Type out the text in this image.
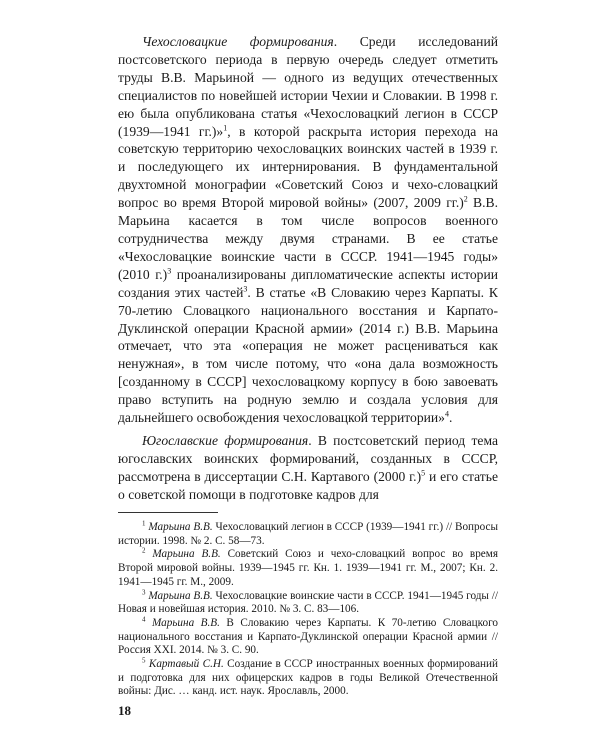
Чехословацкие формирования. Среди исследований постсоветского периода в первую очередь следует отметить труды В.В. Марьиной — одного из ведущих отечественных специалистов по новейшей истории Чехии и Словакии. В 1998 г. ею была опубликована статья «Чехословацкий легион в СССР (1939—1941 гг.)»$^1$, в которой раскрыта история перехода на советскую территорию чехословацких воинских частей в 1939 г. и последующего их интернирования. В фундаментальной двухтомной монографии «Советский Союз и чехо-словацкий вопрос во время Второй мировой войны» (2007, 2009 гг.)$^2$ В.В. Марьина касается в том числе вопросов военного сотрудничества между двумя странами. В ее статье «Чехословацкие воинские части в СССР. 1941—1945 годы» (2010 г.)$^3$ проанализированы дипломатические аспекты истории создания этих частей$^3$. В статье «В Словакию через Карпаты. К 70-летию Словацкого национального восстания и Карпато-Дуклинской операции Красной армии» (2014 г.) В.В. Марьина отмечает, что эта «операция не может расцениваться как ненужная», в том числе потому, что «она дала возможность [созданному в СССР] чехословацкому корпусу в бою завоевать право вступить на родную землю и создала условия для дальнейшего освобождения чехословацкой территории»$^4$.

Югославские формирования. В постсоветский период тема югославских воинских формирований, созданных в СССР, рассмотрена в диссертации С.Н. Картавого (2000 г.)$^5$ и его статье о советской помощи в подготовке кадров для

$^1$ Марьина В.В. Чехословацкий легион в СССР (1939—1941 гг.) // Вопросы истории. 1998. № 2. С. 58—73.

$^2$ Марьина В.В. Советский Союз и чехо-словацкий вопрос во время Второй мировой войны. 1939—1945 гг. Кн. 1. 1939—1941 гг. М., 2007; Кн. 2. 1941—1945 гг. М., 2009.

$^3$ Марьина В.В. Чехословацкие воинские части в СССР. 1941—1945 годы // Новая и новейшая история. 2010. № 3. С. 83—106.

$^4$ Марьина В.В. В Словакию через Карпаты. К 70-летию Словацкого национального восстания и Карпато-Дуклинской операции Красной армии // Россия XXI. 2014. № 3. С. 90.

$^5$ Картавый С.Н. Создание в СССР иностранных военных формирований и подготовка для них офицерских кадров в годы Великой Отечественной войны: Дис. … канд. ист. наук. Ярославль, 2000.

18
